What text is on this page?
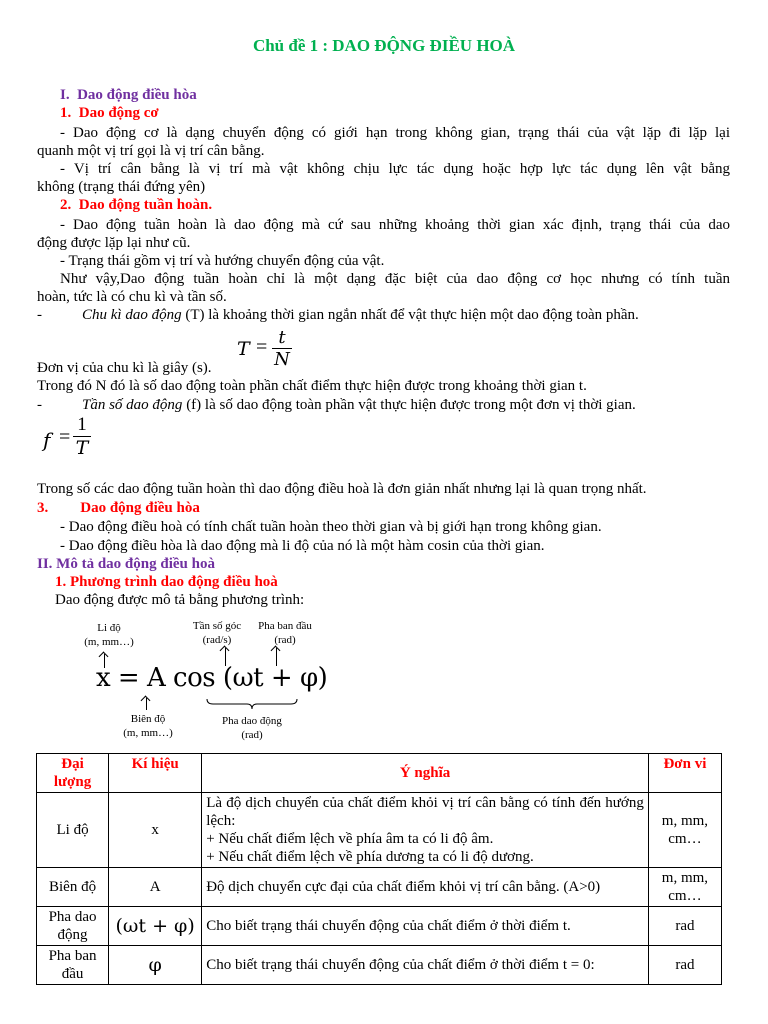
Chủ đề 1 : DAO ĐỘNG ĐIỀU HOÀ
I. Dao động điều hòa
1. Dao động cơ
- Dao động cơ là dạng chuyển động có giới hạn trong không gian, trạng thái của vật lặp đi lặp lại
quanh một vị trí gọi là vị trí cân bằng.
- Vị trí cân bằng là vị trí mà vật không chịu lực tác dụng hoặc hợp lực tác dụng lên vật bằng
không (trạng thái đứng yên)
2. Dao động tuần hoàn.
- Dao động tuần hoàn là dao động mà cứ sau những khoảng thời gian xác định, trạng thái của dao
động được lặp lại như cũ.
- Trạng thái gồm vị trí và hướng chuyển động của vật.
Như vậy,Dao động tuần hoàn chỉ là một dạng đặc biệt của dao động cơ học nhưng có tính tuần
hoàn, tức là có chu kì và tần số.
-	Chu kì dao động (T) là khoảng thời gian ngắn nhất để vật thực hiện một dao động toàn phần.
T = t
N
Đơn vị của chu kì là giây (s).
Trong đó N đó là số dao động toàn phần chất điểm thực hiện được trong khoảng thời gian t.
-	Tần số dao động (f) là số dao động toàn phần vật thực hiện được trong một đơn vị thời gian.
f =
1
T
Trong số các dao động tuần hoàn thì dao động điều hoà là đơn giản nhất nhưng lại là quan trọng nhất.
3. Dao động điều hòa
- Dao động điều hoà có tính chất tuần hoàn theo thời gian và bị giới hạn trong không gian.
- Dao động điều hòa là dao động mà li độ của nó là một hàm cosin của thời gian.
II. Mô tả dao động điều hoà
1. Phương trình dao động điều hoà
Dao động được mô tả bằng phương trình:
Li độ
(m, mm…)
Tần số góc
(rad/s)
Pha ban đầu
(rad)
x = A cos (ωt + φ)
Biên độ
(m, mm…)
Pha dao động
(rad)
Đại lượng	Kí hiệu	Ý nghĩa	Đơn vi
Li độ	x	Là độ dịch chuyển của chất điểm khỏi vị trí cân bằng có tính đến hướng lệch:
+ Nếu chất điểm lệch về phía âm ta có li độ âm.
+ Nếu chất điểm lệch về phía dương ta có li độ dương.	m, mm, cm…
Biên độ	A	Độ dịch chuyển cực đại của chất điểm khỏi vị trí cân bằng. (A>0)	m, mm, cm…
Pha dao động	(ωt + φ)	Cho biết trạng thái chuyển động của chất điểm ở thời điểm t.	rad
Pha ban đầu	φ	Cho biết trạng thái chuyển động của chất điểm ở thời điểm t = 0:	rad
